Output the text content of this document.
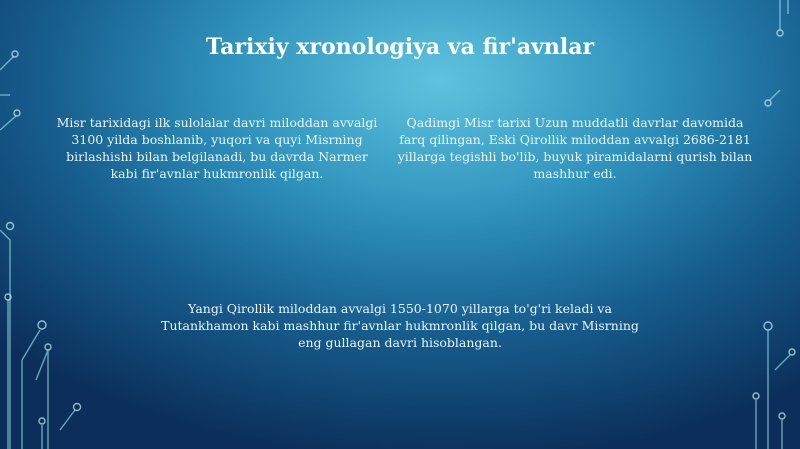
Tarixiy xronologiya va fir'avnlar

Misr tarixidagi ilk sulolalar davri miloddan avvalgi 3100 yilda boshlanib, yuqori va quyi Misrning birlashishi bilan belgilanadi, bu davrda Narmer kabi fir'avnlar hukmronlik qilgan.

Qadimgi Misr tarixi Uzun muddatli davrlar davomida farq qilingan, Eski Qirollik miloddan avvalgi 2686-2181 yillarga tegishli bo'lib, buyuk piramidalarni qurish bilan mashhur edi.

Yangi Qirollik miloddan avvalgi 1550-1070 yillarga to'g'ri keladi va Tutankhamon kabi mashhur fir'avnlar hukmronlik qilgan, bu davr Misrning eng gullagan davri hisoblangan.
